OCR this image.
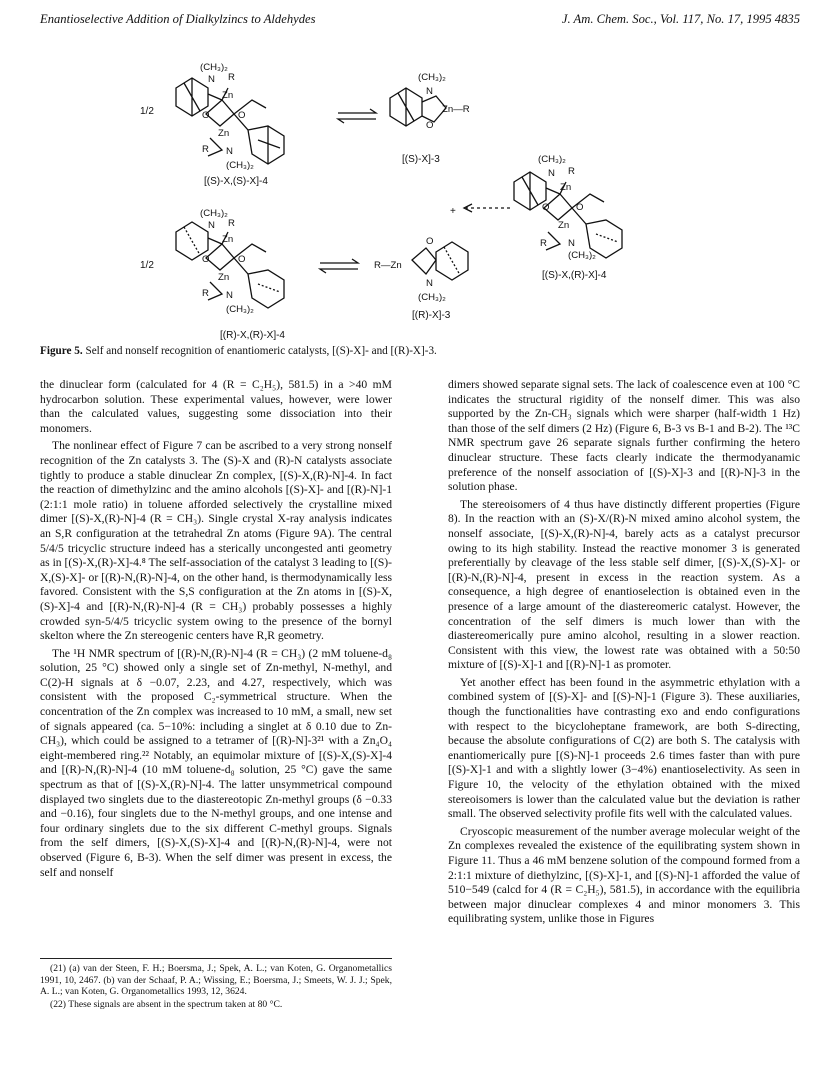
Enantioselective Addition of Dialkylzincs to Aldehydes	J. Am. Chem. Soc., Vol. 117, No. 17, 1995 4835
(CH₃)₂
N R
Zn
O	O
Zn
N
R
(CH₃)₂
1/2
[(S)-X,(S)-X]-4
(CH₃)₂
N
Zn—R
O
[(S)-X]-3	(CH₃)₂
N R
Zn
O	O
Zn
N
R
(CH₃)₂
[(S)-X,(R)-X]-4
+
(CH₃)₂
N R
Zn
O	O
Zn
N
R
(CH₃)₂
1/2
[(R)-X,(R)-X]-4
O
R—Zn
N
(CH₃)₂
[(R)-X]-3
Figure 5. Self and nonself recognition of enantiomeric catalysts, [(S)-X]- and [(R)-X]-3.

the dinuclear form (calculated for 4 (R = C₂H₅), 581.5) in a >40 mM hydrocarbon solution. These experimental values, however, were lower than the calculated values, suggesting some dissociation into their monomers.

The nonlinear effect of Figure 7 can be ascribed to a very strong nonself recognition of the Zn catalysts 3. The (S)-X and (R)-N catalysts associate tightly to produce a stable dinuclear Zn complex, [(S)-X,(R)-N]-4. In fact the reaction of dimethylzinc and the amino alcohols [(S)-X]- and [(R)-N]-1 (2:1:1 mole ratio) in toluene afforded selectively the crystalline mixed dimer [(S)-X,(R)-N]-4 (R = CH₃). Single crystal X-ray analysis indicates an S,R configuration at the tetrahedral Zn atoms (Figure 9A). The central 5/4/5 tricyclic structure indeed has a sterically uncongested anti geometry as in [(S)-X,(R)-X]-4.⁸ The self-association of the catalyst 3 leading to [(S)-X,(S)-X]- or [(R)-N,(R)-N]-4, on the other hand, is thermodynamically less favored. Consistent with the S,S configuration at the Zn atoms in [(S)-X,(S)-X]-4 and [(R)-N,(R)-N]-4 (R = CH₃) probably possesses a highly crowded syn-5/4/5 tricyclic system owing to the presence of the bornyl skelton where the Zn stereogenic centers have R,R geometry.

The ¹H NMR spectrum of [(R)-N,(R)-N]-4 (R = CH₃) (2 mM toluene-d₈ solution, 25 °C) showed only a single set of Zn-methyl, N-methyl, and C(2)-H signals at δ −0.07, 2.23, and 4.27, respectively, which was consistent with the proposed C₂-symmetrical structure. When the concentration of the Zn complex was increased to 10 mM, a small, new set of signals appeared (ca. 5−10%: including a singlet at δ 0.10 due to Zn-CH₃), which could be assigned to a tetramer of [(R)-N]-3²¹ with a Zn₄O₄ eight-membered ring.²² Notably, an equimolar mixture of [(S)-X,(S)-X]-4 and [(R)-N,(R)-N]-4 (10 mM toluene-d₈ solution, 25 °C) gave the same spectrum as that of [(S)-X,(R)-N]-4. The latter unsymmetrical compound displayed two singlets due to the diastereotopic Zn-methyl groups (δ −0.33 and −0.16), four singlets due to the N-methyl groups, and one intense and four ordinary singlets due to the six different C-methyl groups. Signals from the self dimers, [(S)-X,(S)-X]-4 and [(R)-N,(R)-N]-4, were not observed (Figure 6, B-3). When the self dimer was present in excess, the self and nonself

dimers showed separate signal sets. The lack of coalescence even at 100 °C indicates the structural rigidity of the nonself dimer. This was also supported by the Zn-CH₃ signals which were sharper (half-width 1 Hz) than those of the self dimers (2 Hz) (Figure 6, B-3 vs B-1 and B-2). The ¹³C NMR spectrum gave 26 separate signals further confirming the hetero dinuclear structure. These facts clearly indicate the thermodyanamic preference of the nonself association of [(S)-X]-3 and [(R)-N]-3 in the solution phase.

The stereoisomers of 4 thus have distinctly different properties (Figure 8). In the reaction with an (S)-X/(R)-N mixed amino alcohol system, the nonself associate, [(S)-X,(R)-N]-4, barely acts as a catalyst precursor owing to its high stability. Instead the reactive monomer 3 is generated preferentially by cleavage of the less stable self dimer, [(S)-X,(S)-X]- or [(R)-N,(R)-N]-4, present in excess in the reaction system. As a consequence, a high degree of enantioselection is obtained even in the presence of a large amount of the diastereomeric catalyst. However, the concentration of the self dimers is much lower than with the diastereomerically pure amino alcohol, resulting in a slower reaction. Consistent with this view, the lowest rate was obtained with a 50:50 mixture of [(S)-X]-1 and [(R)-N]-1 as promoter.

Yet another effect has been found in the asymmetric ethylation with a combined system of [(S)-X]- and [(S)-N]-1 (Figure 3). These auxiliaries, though the functionalities have contrasting exo and endo configurations with respect to the bicycloheptane framework, are both S-directing, because the absolute configurations of C(2) are both S. The catalysis with enantiomerically pure [(S)-N]-1 proceeds 2.6 times faster than with pure [(S)-X]-1 and with a slightly lower (3−4%) enantioselectivity. As seen in Figure 10, the velocity of the ethylation obtained with the mixed stereoisomers is lower than the calculated value but the deviation is rather small. The observed selectivity profile fits well with the calculated values.

Cryoscopic measurement of the number average molecular weight of the Zn complexes revealed the existence of the equilibrating system shown in Figure 11. Thus a 46 mM benzene solution of the compound formed from a 2:1:1 mixture of diethylzinc, [(S)-X]-1, and [(S)-N]-1 afforded the value of 510−549 (calcd for 4 (R = C₂H₅), 581.5), in accordance with the equilibria between major dinuclear complexes 4 and minor monomers 3. This equilibrating system, unlike those in Figures

(21) (a) van der Steen, F. H.; Boersma, J.; Spek, A. L.; van Koten, G. Organometallics 1991, 10, 2467. (b) van der Schaaf, P. A.; Wissing, E.; Boersma, J.; Smeets, W. J. J.; Spek, A. L.; van Koten, G. Organometallics 1993, 12, 3624.

(22) These signals are absent in the spectrum taken at 80 °C.
